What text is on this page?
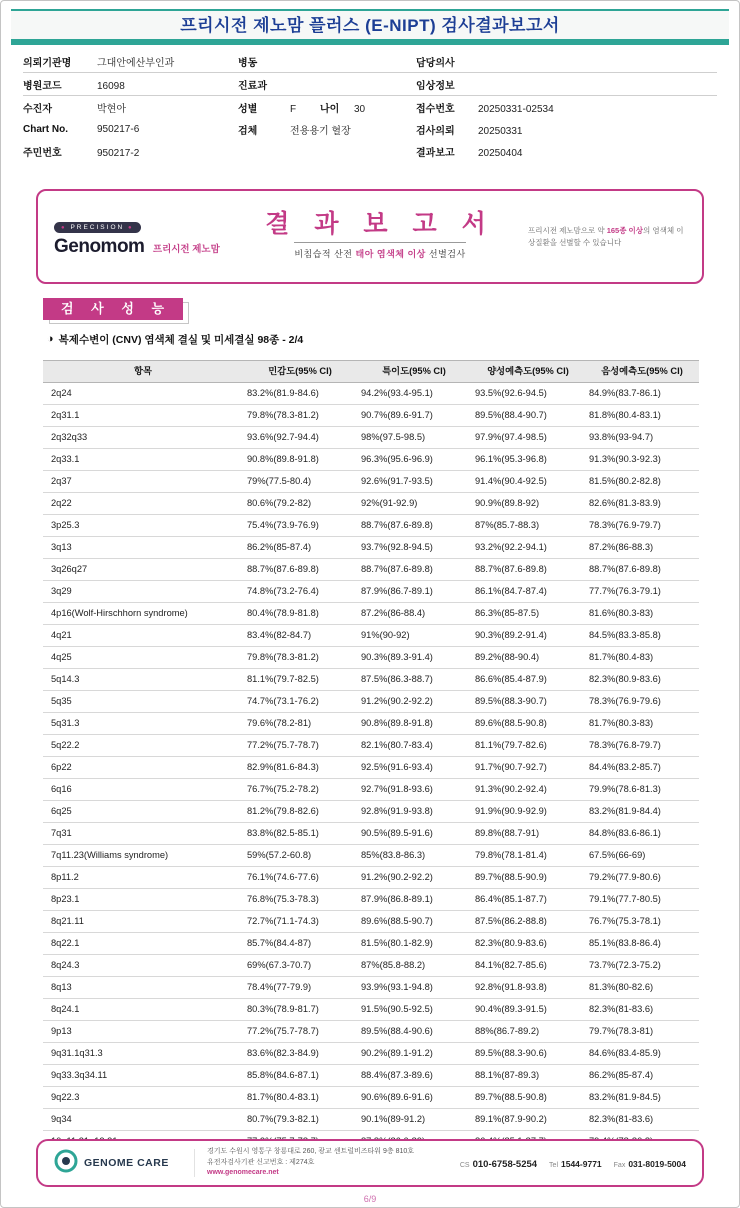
프리시전 제노맘 플러스 (E-NIPT) 검사결과보고서
의뢰기관명	그대안에산부인과	병동	담당의사
병원코드	16098	진료과	임상정보
수진자	박현아	성별	F	나이	30	접수번호	20250331-02534
Chart No.	950217-6	검체	전용용기 혈장	검사의뢰	20250331
주민번호	950217-2	결과보고	20250404
● PRECISION ●
Genomom 프리시전 제노맘
결 과 보 고 서
비침습적 산전 태아 염색체 이상 선별검사
프리시전 제노맘으로 약 165종 이상의 염색체 이상질환을 선별할 수 있습니다
검 사 성 능
◑ 복제수변이 (CNV) 염색체 결실 및 미세결실 98종 - 2/4
항목	민감도(95% CI)	특이도(95% CI)	양성예측도(95% CI)	음성예측도(95% CI)
2q24	83.2%(81.9-84.6)	94.2%(93.4-95.1)	93.5%(92.6-94.5)	84.9%(83.7-86.1)
2q31.1	79.8%(78.3-81.2)	90.7%(89.6-91.7)	89.5%(88.4-90.7)	81.8%(80.4-83.1)
2q32q33	93.6%(92.7-94.4)	98%(97.5-98.5)	97.9%(97.4-98.5)	93.8%(93-94.7)
2q33.1	90.8%(89.8-91.8)	96.3%(95.6-96.9)	96.1%(95.3-96.8)	91.3%(90.3-92.3)
2q37	79%(77.5-80.4)	92.6%(91.7-93.5)	91.4%(90.4-92.5)	81.5%(80.2-82.8)
2q22	80.6%(79.2-82)	92%(91-92.9)	90.9%(89.8-92)	82.6%(81.3-83.9)
3p25.3	75.4%(73.9-76.9)	88.7%(87.6-89.8)	87%(85.7-88.3)	78.3%(76.9-79.7)
3q13	86.2%(85-87.4)	93.7%(92.8-94.5)	93.2%(92.2-94.1)	87.2%(86-88.3)
3q26q27	88.7%(87.6-89.8)	88.7%(87.6-89.8)	88.7%(87.6-89.8)	88.7%(87.6-89.8)
3q29	74.8%(73.2-76.4)	87.9%(86.7-89.1)	86.1%(84.7-87.4)	77.7%(76.3-79.1)
4p16(Wolf-Hirschhorn syndrome)	80.4%(78.9-81.8)	87.2%(86-88.4)	86.3%(85-87.5)	81.6%(80.3-83)
4q21	83.4%(82-84.7)	91%(90-92)	90.3%(89.2-91.4)	84.5%(83.3-85.8)
4q25	79.8%(78.3-81.2)	90.3%(89.3-91.4)	89.2%(88-90.4)	81.7%(80.4-83)
5q14.3	81.1%(79.7-82.5)	87.5%(86.3-88.7)	86.6%(85.4-87.9)	82.3%(80.9-83.6)
5q35	74.7%(73.1-76.2)	91.2%(90.2-92.2)	89.5%(88.3-90.7)	78.3%(76.9-79.6)
5q31.3	79.6%(78.2-81)	90.8%(89.8-91.8)	89.6%(88.5-90.8)	81.7%(80.3-83)
5q22.2	77.2%(75.7-78.7)	82.1%(80.7-83.4)	81.1%(79.7-82.6)	78.3%(76.8-79.7)
6p22	82.9%(81.6-84.3)	92.5%(91.6-93.4)	91.7%(90.7-92.7)	84.4%(83.2-85.7)
6q16	76.7%(75.2-78.2)	92.7%(91.8-93.6)	91.3%(90.2-92.4)	79.9%(78.6-81.3)
6q25	81.2%(79.8-82.6)	92.8%(91.9-93.8)	91.9%(90.9-92.9)	83.2%(81.9-84.4)
7q31	83.8%(82.5-85.1)	90.5%(89.5-91.6)	89.8%(88.7-91)	84.8%(83.6-86.1)
7q11.23(Williams syndrome)	59%(57.2-60.8)	85%(83.8-86.3)	79.8%(78.1-81.4)	67.5%(66-69)
8p11.2	76.1%(74.6-77.6)	91.2%(90.2-92.2)	89.7%(88.5-90.9)	79.2%(77.9-80.6)
8p23.1	76.8%(75.3-78.3)	87.9%(86.8-89.1)	86.4%(85.1-87.7)	79.1%(77.7-80.5)
8q21.11	72.7%(71.1-74.3)	89.6%(88.5-90.7)	87.5%(86.2-88.8)	76.7%(75.3-78.1)
8q22.1	85.7%(84.4-87)	81.5%(80.1-82.9)	82.3%(80.9-83.6)	85.1%(83.8-86.4)
8q24.3	69%(67.3-70.7)	87%(85.8-88.2)	84.1%(82.7-85.6)	73.7%(72.3-75.2)
8q13	78.4%(77-79.9)	93.9%(93.1-94.8)	92.8%(91.8-93.8)	81.3%(80-82.6)
8q24.1	80.3%(78.9-81.7)	91.5%(90.5-92.5)	90.4%(89.3-91.5)	82.3%(81-83.6)
9p13	77.2%(75.7-78.7)	89.5%(88.4-90.6)	88%(86.7-89.2)	79.7%(78.3-81)
9q31.1q31.3	83.6%(82.3-84.9)	90.2%(89.1-91.2)	89.5%(88.3-90.6)	84.6%(83.4-85.9)
9q33.3q34.11	85.8%(84.6-87.1)	88.4%(87.3-89.6)	88.1%(87-89.3)	86.2%(85-87.4)
9q22.3	81.7%(80.4-83.1)	90.6%(89.6-91.6)	89.7%(88.5-90.8)	83.2%(81.9-84.5)
9q34	80.7%(79.3-82.1)	90.1%(89-91.2)	89.1%(87.9-90.2)	82.3%(81-83.6)

GENOME CARE
경기도 수원시 영통구 창룡대로 260, 광교 센트럴비즈타워 9층 810호
유전자검사기관 신고번호 : 제274호
www.genomecare.net
CS 010-6758-5254 Tel 1544-9771 Fax 031-8019-5004
6/9
